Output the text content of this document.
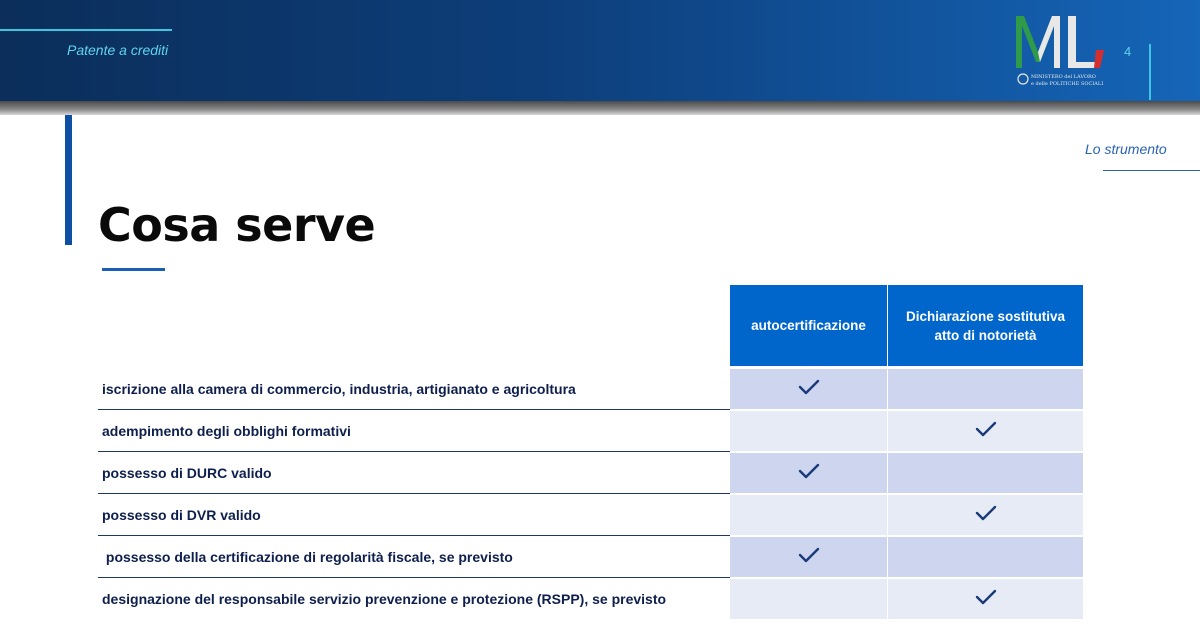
Patente a crediti
MINISTERO del LAVORO
e delle POLITICHE SOCIALI
4
Lo strumento
Cosa serve
autocertificazione
Dichiarazione sostitutiva atto di notorietà
iscrizione alla camera di commercio, industria, artigianato e agricoltura
adempimento degli obblighi formativi
possesso di DURC valido
possesso di DVR valido
possesso della certificazione di regolarità fiscale, se previsto
designazione del responsabile servizio prevenzione e protezione (RSPP), se previsto
